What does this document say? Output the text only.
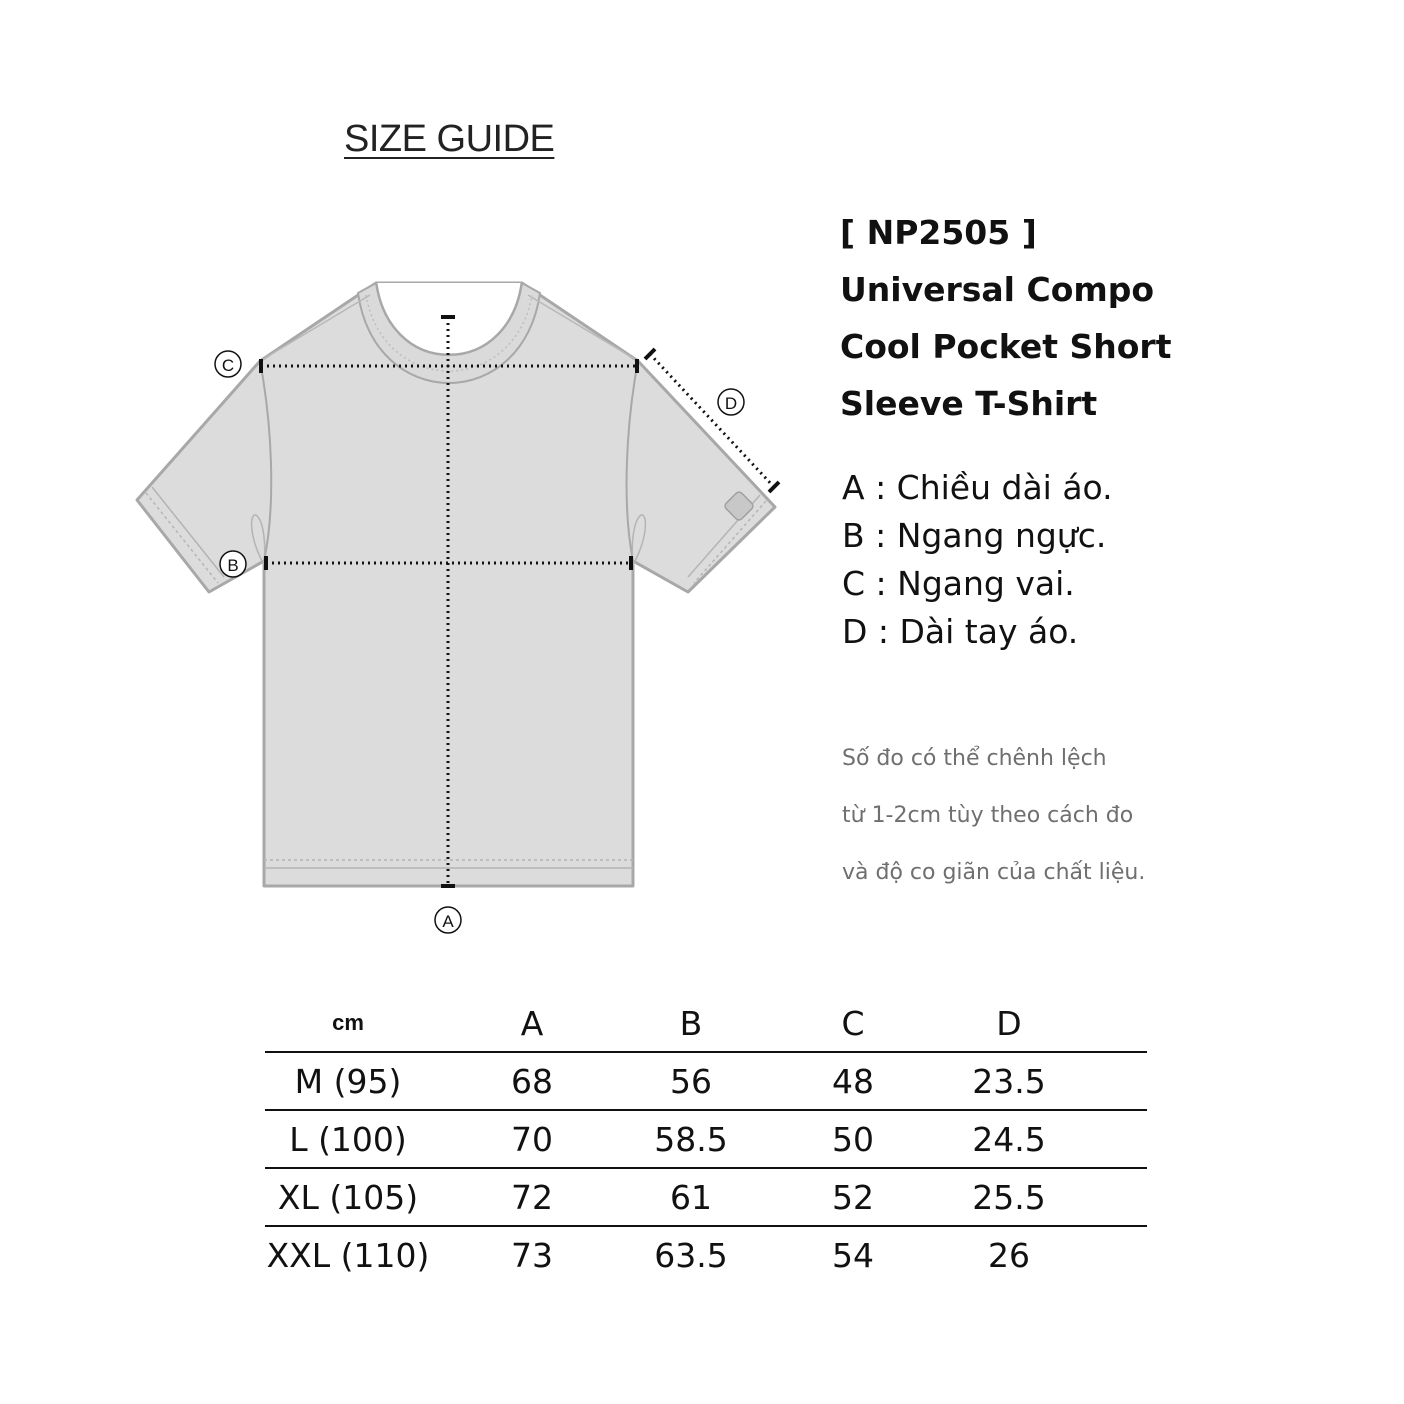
SIZE GUIDE
A
B
C
D
[ NP2505 ]
Universal Compo
Cool Pocket Short
Sleeve T-Shirt
A : Chiều dài áo.
B : Ngang ngực.
C : Ngang vai.
D : Dài tay áo.
Số đo có thể chênh lệch
từ 1-2cm tùy theo cách đo
và độ co giãn của chất liệu.
cm	A	B	C	D	
M (95)	68	56	48	23.5	
L (100)	70	58.5	50	24.5	
XL (105)	72	61	52	25.5	
XXL (110)	73	63.5	54	26	
